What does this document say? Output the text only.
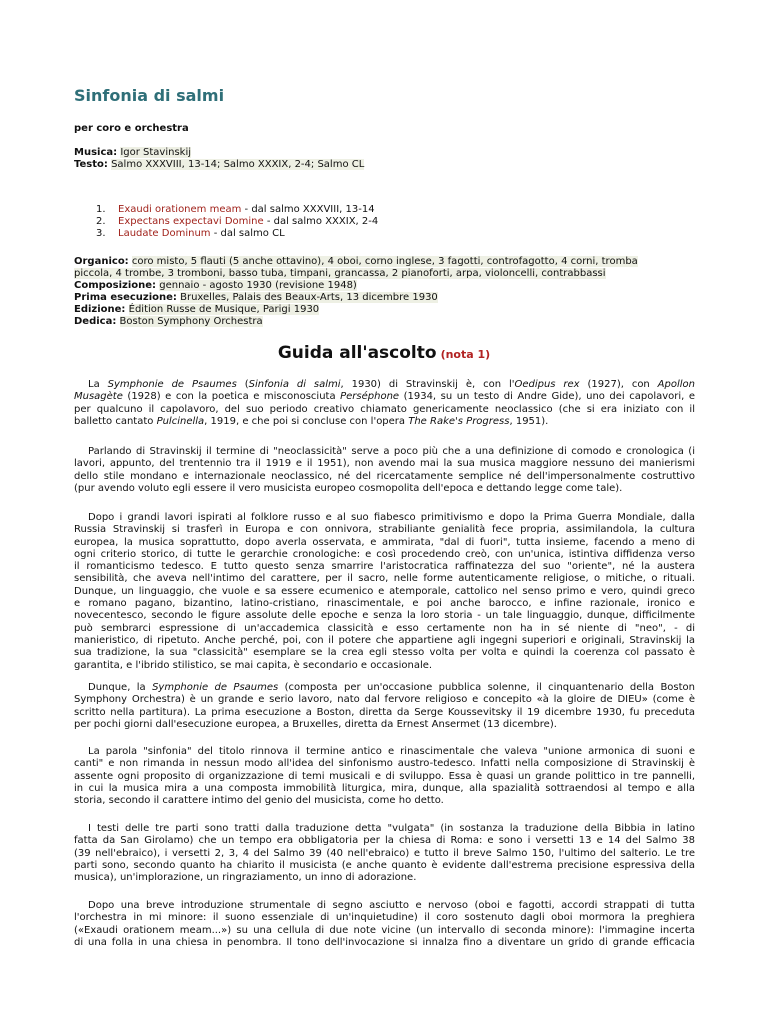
Sinfonia di salmi
per coro e orchestra
Musica: Igor Stavinskij
Testo: Salmo XXXVIII, 13-14; Salmo XXXIX, 2-4; Salmo CL
1. Exaudi orationem meam - dal salmo XXXVIII, 13-14
2. Expectans expectavi Domine - dal salmo XXXIX, 2-4
3. Laudate Dominum - dal salmo CL
Organico: coro misto, 5 flauti (5 anche ottavino), 4 oboi, corno inglese, 3 fagotti, controfagotto, 4 corni, tromba
piccola, 4 trombe, 3 tromboni, basso tuba, timpani, grancassa, 2 pianoforti, arpa, violoncelli, contrabbassi
Composizione: gennaio - agosto 1930 (revisione 1948)
Prima esecuzione: Bruxelles, Palais des Beaux-Arts, 13 dicembre 1930
Edizione: Édition Russe de Musique, Parigi 1930
Dedica: Boston Symphony Orchestra
Guida all'ascolto (nota 1)
La Symphonie de Psaumes (Sinfonia di salmi, 1930) di Stravinskij è, con l'Oedipus rex (1927), con Apollon
Musagète (1928) e con la poetica e misconosciuta Perséphone (1934, su un testo di Andre Gide), uno dei capolavori, e
per qualcuno il capolavoro, del suo periodo creativo chiamato genericamente neoclassico (che si era iniziato con il
balletto cantato Pulcinella, 1919, e che poi si concluse con l'opera The Rake's Progress, 1951).
Parlando di Stravinskij il termine di "neoclassicità" serve a poco più che a una definizione di comodo e cronologica (i
lavori, appunto, del trentennio tra il 1919 e il 1951), non avendo mai la sua musica maggiore nessuno dei manierismi
dello stile mondano e internazionale neoclassico, né del ricercatamente semplice né dell'impersonalmente costruttivo
(pur avendo voluto egli essere il vero musicista europeo cosmopolita dell'epoca e dettando legge come tale).
Dopo i grandi lavori ispirati al folklore russo e al suo fiabesco primitivismo e dopo la Prima Guerra Mondiale, dalla
Russia Stravinskij si trasferì in Europa e con onnivora, strabiliante genialità fece propria, assimilandola, la cultura
europea, la musica soprattutto, dopo averla osservata, e ammirata, "dal di fuori", tutta insieme, facendo a meno di
ogni criterio storico, di tutte le gerarchie cronologiche: e così procedendo creò, con un'unica, istintiva diffidenza verso
il romanticismo tedesco. E tutto questo senza smarrire l'aristocratica raffinatezza del suo "oriente", né la austera
sensibilità, che aveva nell'intimo del carattere, per il sacro, nelle forme autenticamente religiose, o mitiche, o rituali.
Dunque, un linguaggio, che vuole e sa essere ecumenico e atemporale, cattolico nel senso primo e vero, quindi greco
e romano pagano, bizantino, latino-cristiano, rinascimentale, e poi anche barocco, e infine razionale, ironico e
novecentesco, secondo le figure assolute delle epoche e senza la loro storia - un tale linguaggio, dunque, difficilmente
può sembrarci espressione di un'accademica classicità e esso certamente non ha in sé niente di "neo", - di
manieristico, di ripetuto. Anche perché, poi, con il potere che appartiene agli ingegni superiori e originali, Stravinskij la
sua tradizione, la sua "classicità" esemplare se la crea egli stesso volta per volta e quindi la coerenza col passato è
garantita, e l'ibrido stilistico, se mai capita, è secondario e occasionale.
Dunque, la Symphonie de Psaumes (composta per un'occasione pubblica solenne, il cinquantenario della Boston
Symphony Orchestra) è un grande e serio lavoro, nato dal fervore religioso e concepito «à la gloire de DIEU» (come è
scritto nella partitura). La prima esecuzione a Boston, diretta da Serge Koussevitsky il 19 dicembre 1930, fu preceduta
per pochi giorni dall'esecuzione europea, a Bruxelles, diretta da Ernest Ansermet (13 dicembre).
La parola "sinfonia" del titolo rinnova il termine antico e rinascimentale che valeva "unione armonica di suoni e
canti" e non rimanda in nessun modo all'idea del sinfonismo austro-tedesco. Infatti nella composizione di Stravinskij è
assente ogni proposito di organizzazione di temi musicali e di sviluppo. Essa è quasi un grande polittico in tre pannelli,
in cui la musica mira a una composta immobilità liturgica, mira, dunque, alla spazialità sottraendosi al tempo e alla
storia, secondo il carattere intimo del genio del musicista, come ho detto.
I testi delle tre parti sono tratti dalla traduzione detta "vulgata" (in sostanza la traduzione della Bibbia in latino
fatta da San Girolamo) che un tempo era obbligatoria per la chiesa di Roma: e sono i versetti 13 e 14 del Salmo 38
(39 nell'ebraico), i versetti 2, 3, 4 del Salmo 39 (40 nell'ebraico) e tutto il breve Salmo 150, l'ultimo del salterio. Le tre
parti sono, secondo quanto ha chiarito il musicista (e anche quanto è evidente dall'estrema precisione espressiva della
musica), un'implorazione, un ringraziamento, un inno di adorazione.
Dopo una breve introduzione strumentale di segno asciutto e nervoso (oboi e fagotti, accordi strappati di tutta
l'orchestra in mi minore: il suono essenziale di un'inquietudine) il coro sostenuto dagli oboi mormora la preghiera
(«Exaudi orationem meam...») su una cellula di due note vicine (un intervallo di seconda minore): l'immagine incerta
di una folla in una chiesa in penombra. Il tono dell'invocazione si innalza fino a diventare un grido di grande efficacia
